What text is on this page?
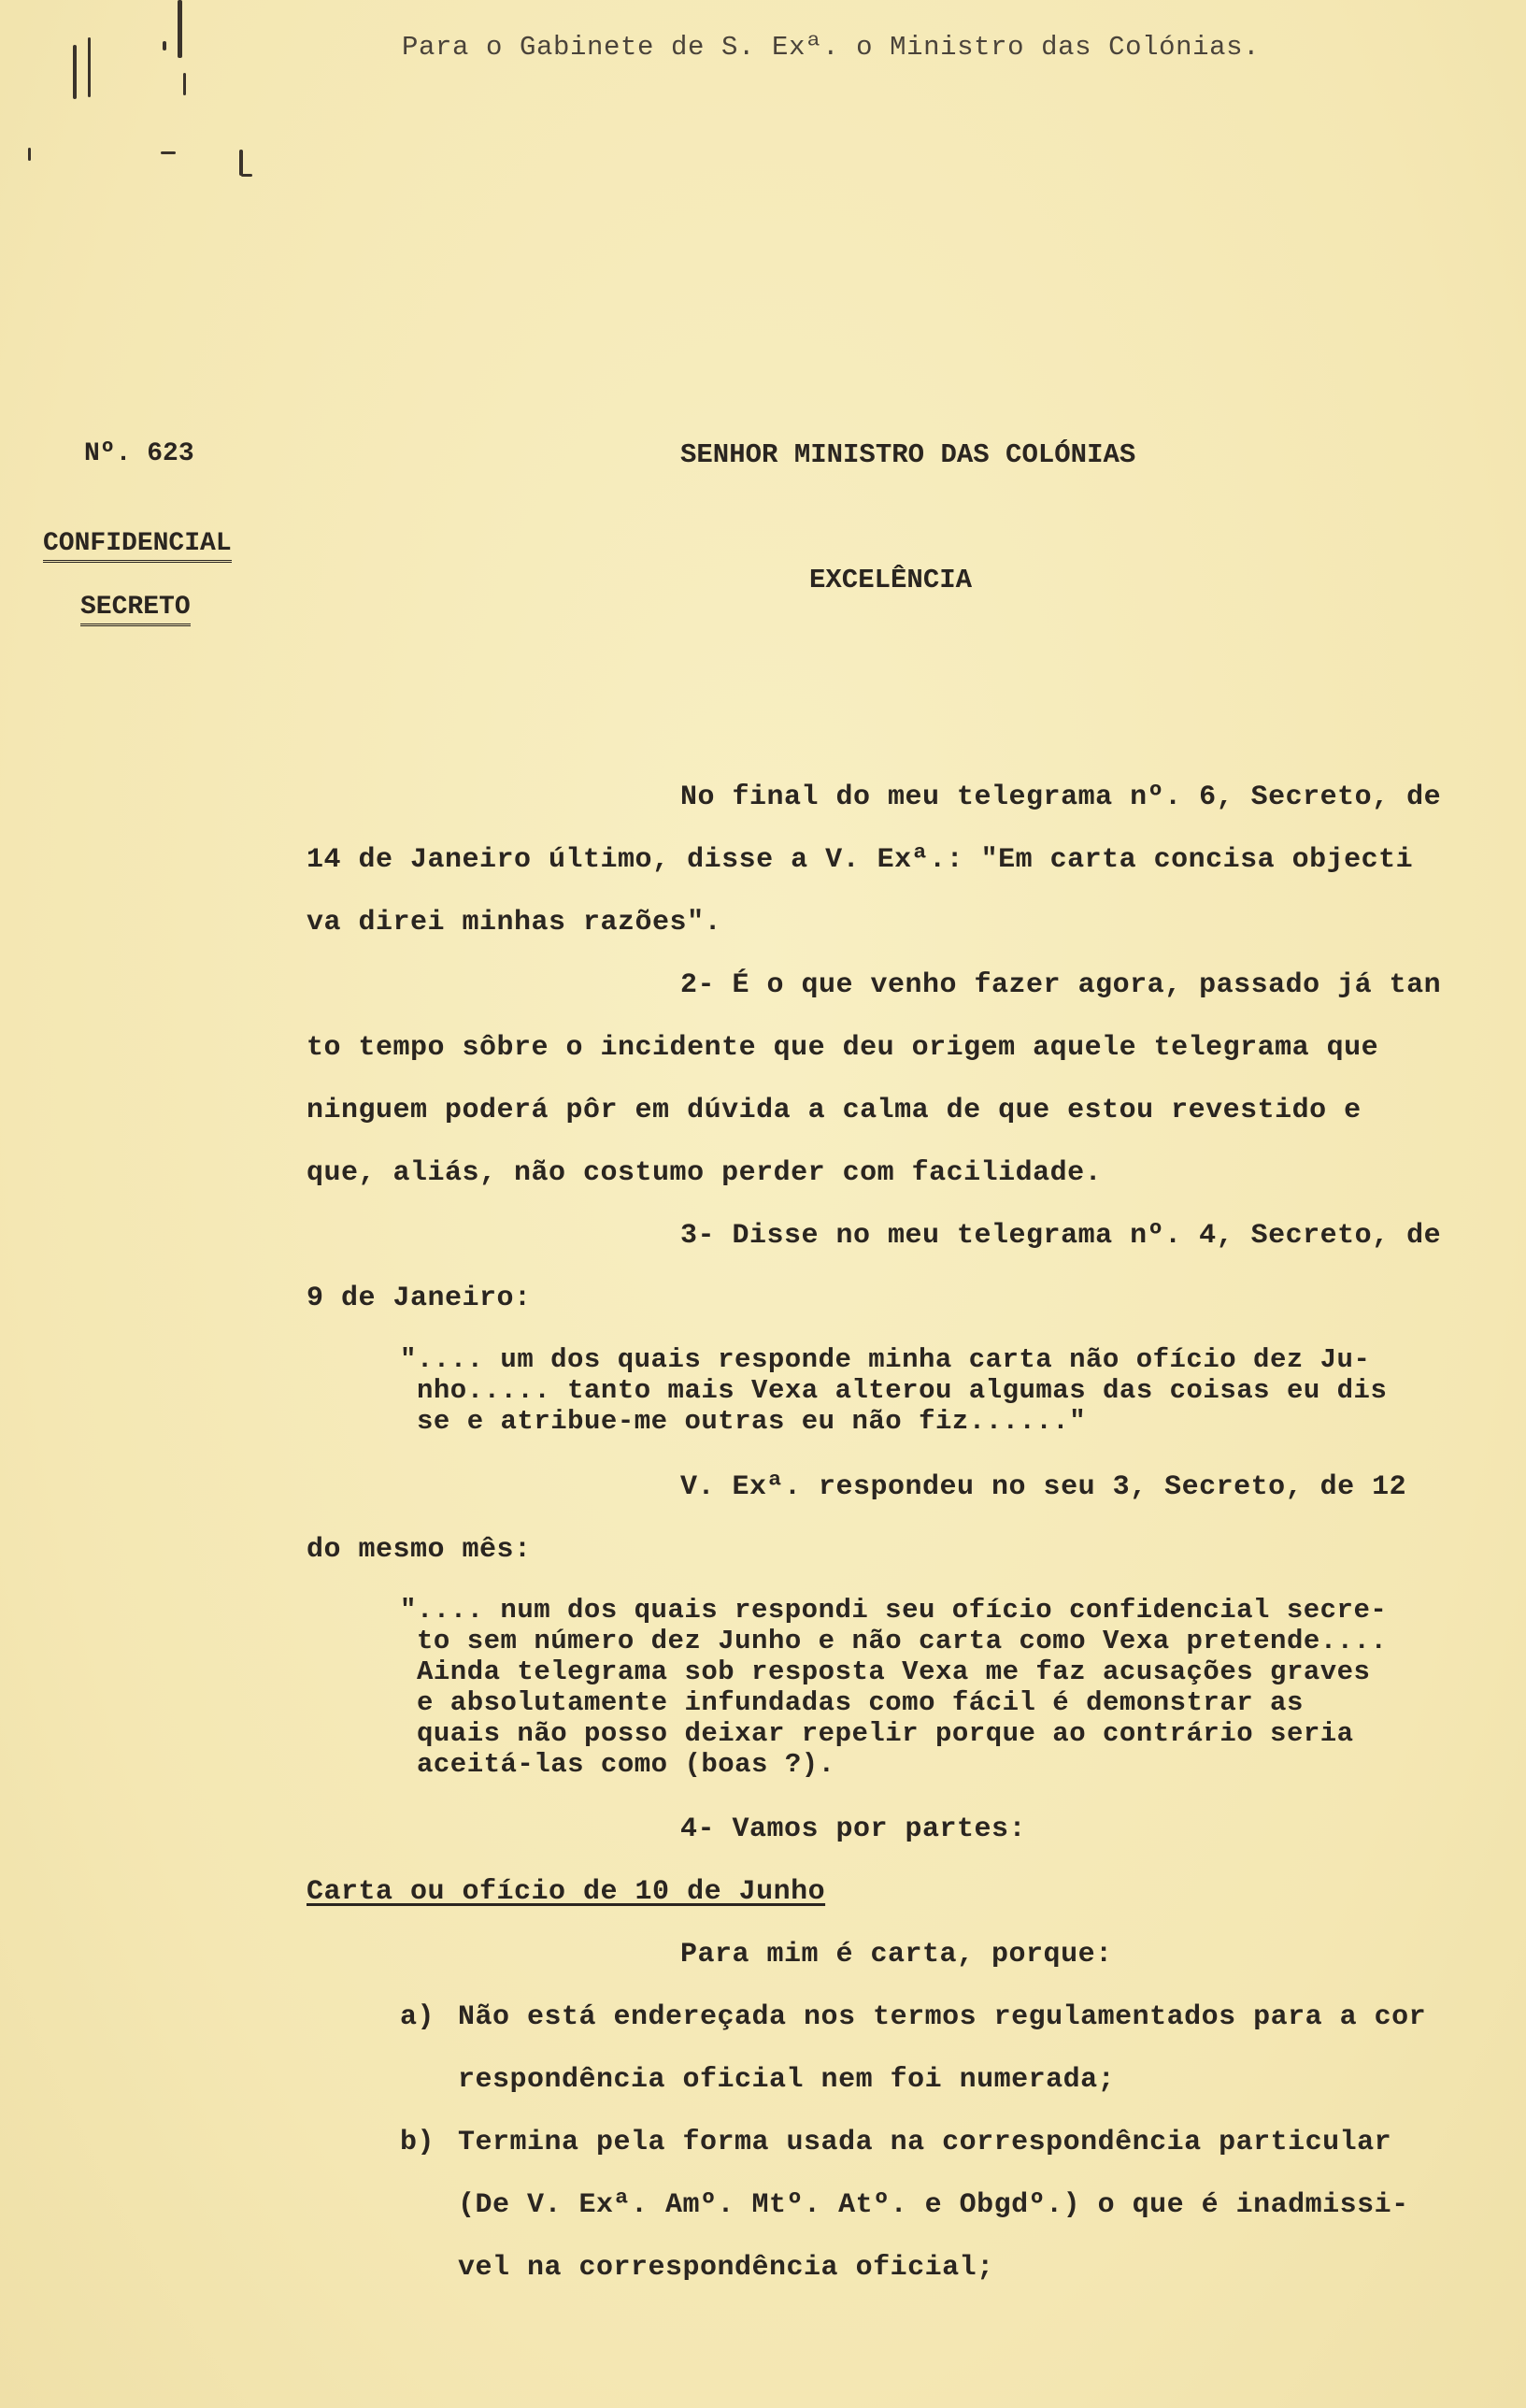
Para o Gabinete de S. Exª. o Ministro das Colónias.
Nº. 623
CONFIDENCIAL
SECRETO
SENHOR MINISTRO DAS COLÓNIAS
EXCELÊNCIA
No final do meu telegrama nº. 6, Secreto, de
14 de Janeiro último, disse a V. Exª.: "Em carta concisa objecti
va direi minhas razões".
2- É o que venho fazer agora, passado já tan
to tempo sôbre o incidente que deu origem aquele telegrama que
ninguem poderá pôr em dúvida a calma de que estou revestido e
que, aliás, não costumo perder com facilidade.
3- Disse no meu telegrama nº. 4, Secreto, de
9 de Janeiro:
".... um dos quais responde minha carta não ofício dez Ju-
nho..... tanto mais Vexa alterou algumas das coisas eu dis
se e atribue-me outras eu não fiz......"
V. Exª. respondeu no seu 3, Secreto, de 12
do mesmo mês:
".... num dos quais respondi seu ofício confidencial secre-
to sem número dez Junho e não carta como Vexa pretende....
Ainda telegrama sob resposta Vexa me faz acusações graves
e absolutamente infundadas como fácil é demonstrar as
quais não posso deixar repelir porque ao contrário seria
aceitá-las como (boas ?).
4- Vamos por partes:
Carta ou ofício de 10 de Junho
Para mim é carta, porque:
a) Não está endereçada nos termos regulamentados para a cor
respondência oficial nem foi numerada;
b) Termina pela forma usada na correspondência particular
(De V. Exª. Amº. Mtº. Atº. e Obgdº.) o que é inadmissi-
vel na correspondência oficial;
